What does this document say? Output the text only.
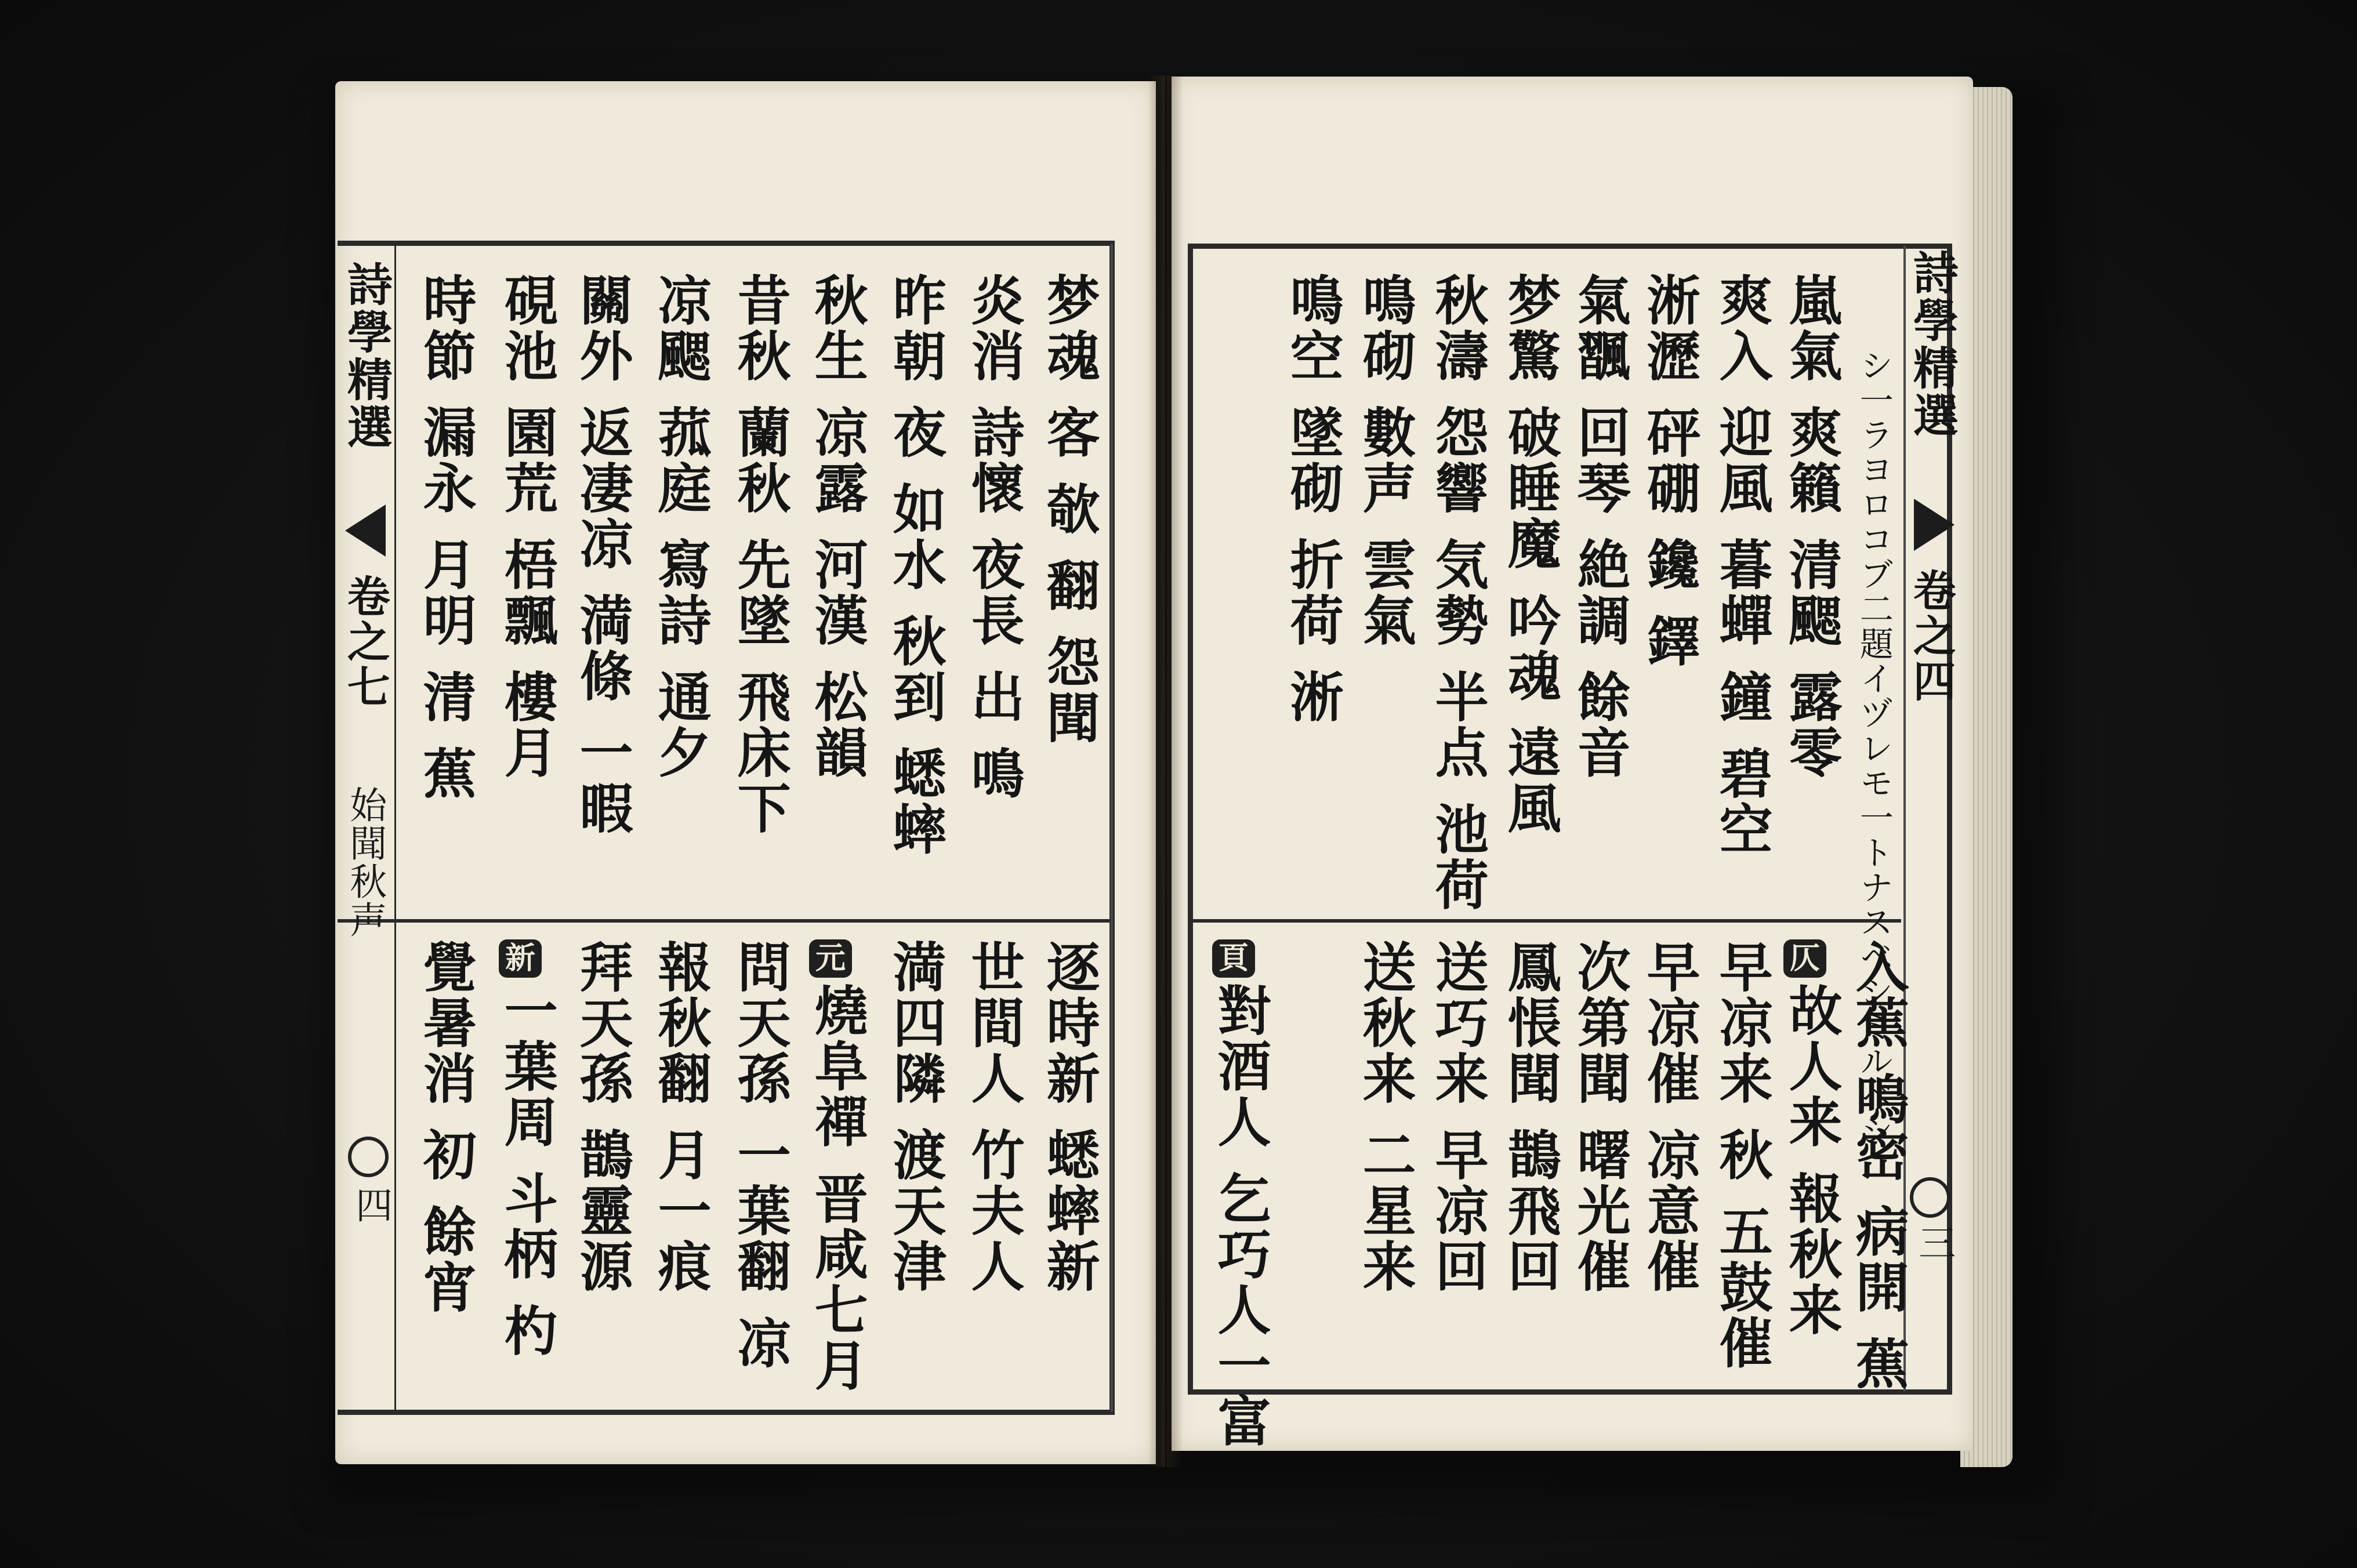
詩學精選
卷之四
シ一ラヨロコブ二題イヅレモ一トナスベシミルベシ
嵐氣 爽籟 清颸 露零
爽入 迎風 暮蟬 鐘 碧空
淅瀝 砰硼 鑱 鐸
氣飁 回琴 絶調 餘音
梦驚 破睡魔 吟魂 遠風
秋濤 怨響 気勢 半点 池荷
鳴砌 數声 雲氣
鳴空 墜砌 折荷 淅
入蕉 鳴密 病開 蕉
仄
故人来 報秋来
早凉来 秋 五鼓催
早凉催 凉意催
次第聞 曙光催
鳳悵聞 鵲飛回
送巧来 早凉回
送秋来 二星来
頁
對酒人 乞巧人一富	三
詩學精選
卷之七
始聞秋声
四
梦魂 客 欹 翻 怨聞
炎消 詩懷 夜長 出 鳴
昨朝 夜 如水 秋到 蟋蟀
秋生 凉露 河漢 松韻
昔秋 蘭秋 先墜 飛床下
凉颸 菰庭 寫詩 通夕
關外 返凄凉 満條 一暇
硯池 園荒 梧飄 樓月
時節 漏永 月明 清 蕉
逐時新 蟋蟀新
世間人 竹夫人
満四隣 渡天津
元
燒阜禪 晋咸七月
問天孫 一葉翻 凉
報秋翻 月一痕
拜天孫 鵲靈源
新
一葉周 斗柄 杓
覺暑消 初 餘宵
